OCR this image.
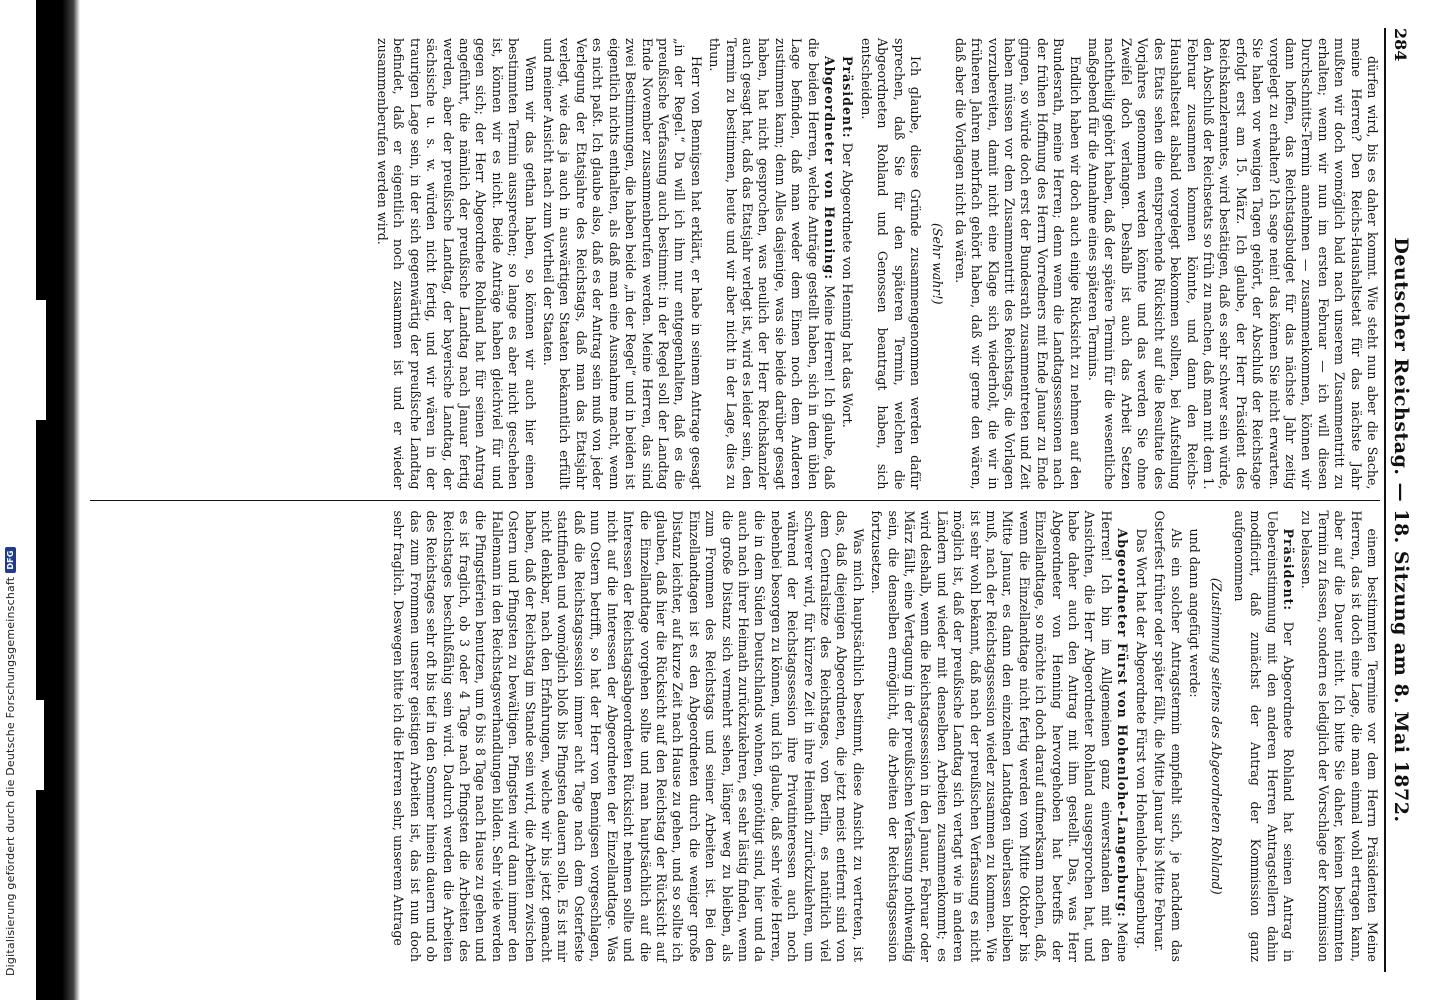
Digitalisierung gefördert durch die Deutsche Forschungsgemeinschaft
DFG
284
Deutscher Reichstag. — 18. Sitzung am 8. Mai 1872.

dürfen wird, bis es daher kommt. Wie steht nun aber die Sache, meine Herren? Den Reichs-Haushaltsetat für das nächste Jahr mußten wir doch womöglich bald nach unserem Zusammentritt zu erhalten; wenn wir nun im ersten Februar — ich will diesen Durchschnitts-Termin annehmen — zusammenkommen, können wir dann hoffen, das Reichstagsbudget für das nächste Jahr zeitig vorgelegt zu erhalten? Ich sage nein! das können Sie nicht erwarten. Sie haben vor wenigen Tagen gehört, der Abschluß der Reichstage erfolgt erst am 15. März. Ich glaube, der Herr Präsident des Reichskanzleramtes, wird bestätigen, daß es sehr schwer sein würde, den Abschluß der Reichsetats so früh zu machen, daß man mit dem 1. Februar zusammen kommen könnte, und dann den Reichs-Haushaltsetat alsbald vorgelegt bekommen sollten, bei Aufstellung des Etats sehen die entsprechende Rücksicht auf die Resultate des Vorjahres genommen werden könnte und das werden Sie ohne Zweifel doch verlangen. Deshalb ist auch das Arbeit Setzen nachtheilig gehört haben, daß der spätere Termin für die wesentliche maßgebend für die Annahme eines späteren Termins.

Endlich haben wir doch auch einige Rücksicht zu nehmen auf den Bundesrath, meine Herren; denn wenn die Landtagssessionen nach der frühen Hoffnung des Herrn Vorredners mit Ende Januar zu Ende gingen, so würde doch erst der Bundesrath zusammentreten und Zeit haben müssen vor dem Zusammentritt des Reichstags, die Vorlagen vorzubereiten, damit nicht eine Klage sich wiederholt, die wir in früheren Jahren mehrfach gehört haben, daß wir gerne den wären, daß aber die Vorlagen nicht da wären.

(Sehr wahr!)

Ich glaube, diese Gründe zusammengenommen werden dafür sprechen, daß Sie für den späteren Termin, welchen die Abgeordneten Rohland und Genossen beantragt haben, sich entscheiden.

Präsident: Der Abgeordnete von Henning hat das Wort.

Abgeordneter von Henning: Meine Herren! Ich glaube, daß die beiden Herren, welche Anträge gestellt haben, sich in dem üblen Lage befinden, daß man weder dem Einen noch dem Anderen zustimmen kann; denn Alles dasjenige, was sie beide darüber gesagt haben, hat nicht gesprochen, was neulich der Herr Reichskanzler auch gesagt hat, daß das Etatsjahr verlegt ist, wird es leider sein, den Termin zu bestimmen, heute und wir aber nicht in der Lage, dies zu thun.

Herr von Bennigsen hat erklärt, er habe in seinem Antrage gesagt „in der Regel.“ Da will ich ihm nur entgegenhalten, daß es die preußische Verfassung auch bestimmt: in der Regel soll der Landtag Ende November zusammenberufen werden. Meine Herren, das sind zwei Bestimmungen, die haben beide „in der Regel“ und in beiden ist eigentlich nichts enthalten, als daß man eine Ausnahme macht, wenn es nicht paßt. Ich glaube also, daß es der Antrag sein muß von jeder Verlegung der Etatsjahre des Reichstags, daß man das Etatsjahr verlegt, wie das ja auch in auswärtigen Staaten bekanntlich erfüllt und meiner Ansicht nach zum Vortheil der Staaten.

Wenn wir das gethan haben, so können wir auch hier einen bestimmten Termin aussprechen; so lange es aber nicht geschehen ist, können wir es nicht. Beide Anträge haben gleichviel für und gegen sich; der Herr Abgeordnete Rohland hat für seinen Antrag angeführt, die nämlich der preußische Landtag nach Januar fertig werden, aber der preußische Landtag, der bayerische Landtag, der sächsische u. s. w. würden nicht fertig, und wir wären in der traurigen Lage sein, in der sich gegenwärtig der preußische Landtag befindet, daß er eigentlich noch zusammen ist und er wieder zusammenberufen werden wird.

einem bestimmten Termine vor dem Herrn Präsidenten Meine Herren, das ist doch eine Lage, die man einmal wohl ertragen kann, aber auf die Dauer nicht. Ich bitte Sie daher, keinen bestimmten Termin zu fassen, sondern es lediglich der Vorschlage der Kommission zu belassen.

Präsident: Der Abgeordnete Rohland hat seinen Antrag in Uebereinstimmung mit den anderen Herren Antragstellern dahin modificirt, daß zunächst der Antrag der Kommission ganz aufgenommen

(Zustimmung seitens des Abgeordneten Rohland)

und dann angefügt werde:

Als ein solcher Antragstermin empfiehlt sich, je nachdem das Osterfest früher oder später fällt, die Mitte Januar bis Mitte Februar.

Das Wort hat der Abgeordnete Fürst von Hohenlohe-Langenburg.

Abgeordneter Fürst von Hohenlohe-Langenburg: Meine Herren! Ich bin im Allgemeinen ganz einverstanden mit den Ansichten, die Herr Abgeordneter Rohland ausgesprochen hat, und habe daher auch den Antrag mit ihm gestellt. Das, was Herr Abgeordneter von Henning hervorgehoben hat betreffs der Einzellandtage, so möchte ich doch darauf aufmerksam machen, daß, wenn die Einzellandtage nicht fertig werden vom Mitte Oktober bis Mitte Januar, es dann den einzelnen Landtagen überlassen bleiben muß, nach der Reichstagssession wieder zusammen zu kommen. Wie ist sehr wohl bekannt, daß nach der preußischen Verfassung es nicht möglich ist, daß der preußische Landtag sich vertagt wie in anderen Ländern und wieder mit denselben Arbeiten zusammenkommt; es wird deshalb, wenn die Reichstagssession in den Januar, Februar oder März fällt, eine Vertagung in der preußischen Verfassung nothwendig sein, die denselben ermöglicht, die Arbeiten der Reichstagssession fortzusetzen.

Was mich hauptsächlich bestimmt, diese Ansicht zu vertreten, ist das, daß diejenigen Abgeordneten, die jetzt meist entfernt sind von dem Centralsitze des Reichstages, von Berlin, es natürlich viel schwerer wird, für kürzere Zeit in ihre Heimath zurückzukehren, um während der Reichstagssession ihre Privatinteressen auch noch nebenbei besorgen zu können, und ich glaube, daß sehr viele Herren, die in dem Süden Deutschlands wohnen, genöthigt sind, hier und da auch nach ihrer Heimath zurückzukehren, es sehr lästig finden, wenn die große Distanz sich vermehrt sehen, länger weg zu bleiben, als zum Frommen des Reichstags und seiner Arbeiten ist. Bei den Einzellandtagen ist es den Abgeordneten durch die weniger große Distanz leichter, auf kurze Zeit nach Hause zu gehen, und so sollte ich glauben, daß hier die Rücksicht auf den Reichstag der Rücksicht auf die Einzellandtage vorgehen sollte und man hauptsächlich auf die Interessen der Reichstagsabgeordneten Rücksicht nehmen sollte und nicht auf die Interessen der Abgeordneten der Einzellandtage. Was nun Ostern betrifft, so hat der Herr von Bennigsen vorgeschlagen, daß die Reichstagssession immer acht Tage nach dem Osterfeste stattfinden und womöglich bloß bis Pfingsten dauern solle. Es ist mir nicht denkbar, nach den Erfahrungen, welche wir bis jetzt gemacht haben, daß der Reichstag im Stande sein wird, die Arbeiten zwischen Ostern und Pfingsten zu bewältigen. Pfingsten wird dann immer den Hallemann in den Reichstagsverhandlungen bilden. Sehr viele werden die Pfingstferien benutzen, um 6 bis 8 Tage nach Hause zu gehen und es ist fraglich, ob 3 oder 4 Tage nach Pfingsten die Arbeiten des Reichstages beschlußfähig sein wird. Dadurch werden die Arbeiten des Reichstages sehr oft bis tief in den Sommer hinein dauern und ob das zum Frommen unserer geistigen Arbeiten ist, das ist nun doch sehr fraglich. Deswegen bitte ich die Herren sehr, unserem Antrage
